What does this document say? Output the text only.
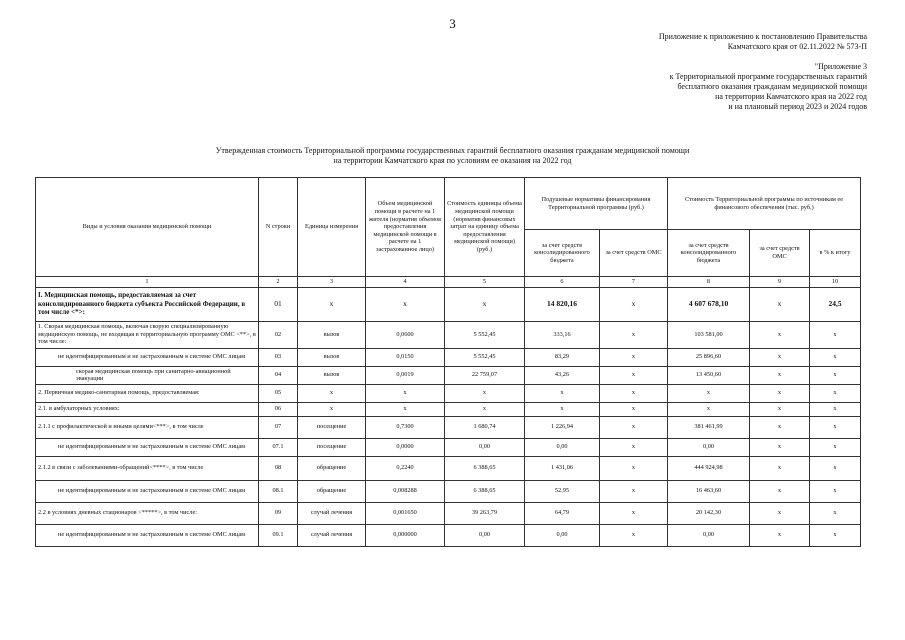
3
Приложение к приложению к постановлению Правительства
Камчатского края от 02.11.2022 № 573-П
"Приложение 3
к Территориальной программе государственных гарантий
бесплатного оказания гражданам медицинской помощи
на территории Камчатского края на 2022 год
и на плановый период 2023 и 2024 годов
Утвержденная стоимость Территориальной программы государственных гарантий бесплатного оказания гражданам медицинской помощи
на территории Камчатского края по условиям ее оказания на 2022 год
Виды и условия оказания медицинской помощи	N строки	Единица измерения	Объем медицинской помощи в расчете на 1 жителя (норматив объемов предоставления медицинской помощи в расчете на 1 застрахованное лицо)	Стоимость единицы объема медицинской помощи (норматив финансовых затрат на единицу объема предоставления медицинской помощи) (руб.)	Подушевые нормативы финансирования Территориальной программы (руб.)		Стоимость Территориальной программы по источникам ее финансового обеспечения (тыс. руб.)		
					за счет средств консолидированного бюджета	за счет средств ОМС	за счет средств консолидированного бюджета	за счет средств ОМС	в % к итогу
1	2	3	4	5	6	7	8	9	10
I. Медицинская помощь, предоставляемая за счет консолидированного бюджета субъекта Российской Федерации, в том числе <*>:	01	х	х	х	14 820,16	х	4 607 678,10	х	24,5
1. Скорая медицинская помощь, включая скорую специализированную медицинскую помощь, не входящая в территориальную программу ОМС <**>, в том числе:	02	вызов	0,0600	5 552,45	333,16	х	103 581,00	х	х
не идентифицированным и не застрахованным в системе ОМС лицам	03	вызов	0,0150	5 552,45	83,29	х	25 896,60	х	х
скорая медицинская помощь при санитарно-авиационной эвакуации	04	вызов	0,0019	22 759,07	43,26	х	13 450,60	х	х
2. Первичная медико-санитарная помощь, предоставляемая:	05	х	х	х	х	х	х	х	х
2.1. в амбулаторных условиях:	06	х	х	х	х	х	х	х	х
2.1.1 с профилактической и иными целями<***>, в том числе	07	посещение	0,7300	1 680,74	1 226,94	х	381 461,99	х	х
не идентифицированным и не застрахованным в системе ОМС лицам	07.1	посещение	0,0000	0,00	0,00	х	0,00	х	х
2.1.2 в связи с заболеваниями-обращений<****>, в том числе	08	обращение	0,2240	6 388,65	1 431,06	х	444 924,98	х	х
не идентифицированным и не застрахованным в системе ОМС лицам	08.1	обращение	0,008288	6 388,65	52,95	х	16 463,60	х	х
2.2 в условиях дневных стационаров <*****>, в том числе:	09	случай лечения	0,001650	39 263,79	64,79	х	20 142,30	х	х
не идентифицированным и не застрахованным в системе ОМС лицам	09.1	случай лечения	0,000000	0,00	0,00	х	0,00	х	х
